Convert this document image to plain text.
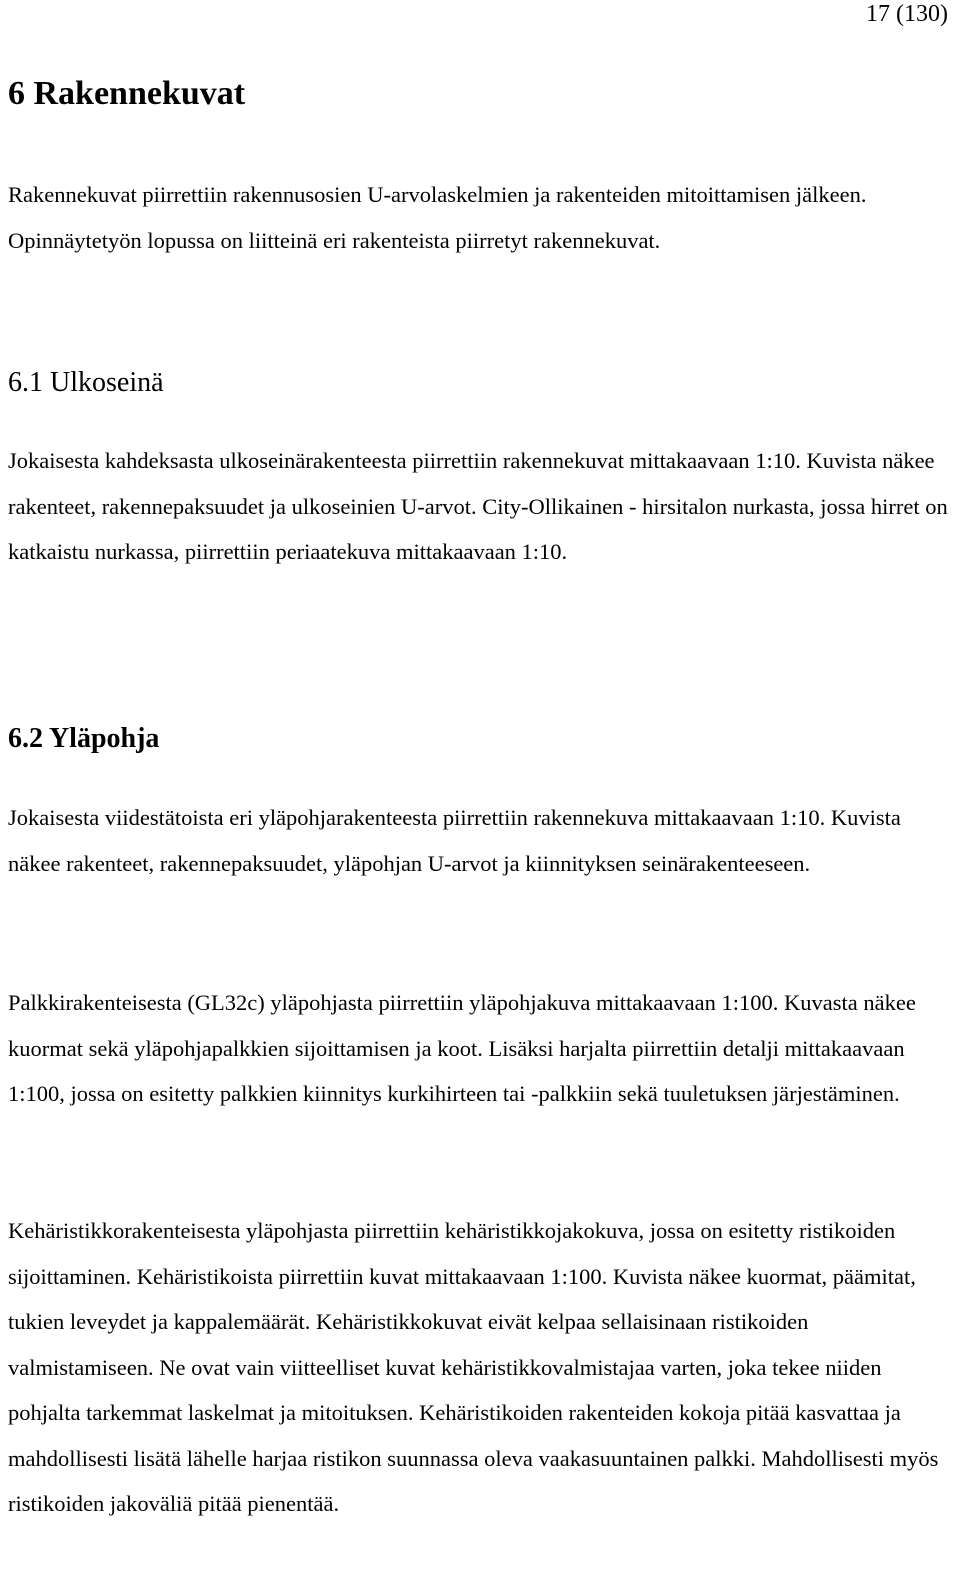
17 (130)
6 Rakennekuvat

Rakennekuvat piirrettiin rakennusosien U-arvolaskelmien ja rakenteiden mitoittamisen jälkeen. Opinnäytetyön lopussa on liitteinä eri rakenteista piirretyt rakennekuvat.

6.1 Ulkoseinä

Jokaisesta kahdeksasta ulkoseinärakenteesta piirrettiin rakennekuvat mittakaavaan 1:10. Kuvista näkee rakenteet, rakennepaksuudet ja ulkoseinien U-arvot. City-Ollikainen - hirsitalon nurkasta, jossa hirret on katkaistu nurkassa, piirrettiin periaatekuva mittakaavaan 1:10.

6.2 Yläpohja

Jokaisesta viidestätoista eri yläpohjarakenteesta piirrettiin rakennekuva mittakaavaan 1:10. Kuvista näkee rakenteet, rakennepaksuudet, yläpohjan U-arvot ja kiinnityksen seinärakenteeseen.

Palkkirakenteisesta (GL32c) yläpohjasta piirrettiin yläpohjakuva mittakaavaan 1:100. Kuvasta näkee kuormat sekä yläpohjapalkkien sijoittamisen ja koot. Lisäksi harjalta piirrettiin detalji mittakaavaan 1:100, jossa on esitetty palkkien kiinnitys kurkihirteen tai -palkkiin sekä tuuletuksen järjestäminen.

Kehäristikkorakenteisesta yläpohjasta piirrettiin kehäristikkojakokuva, jossa on esitetty ristikoiden sijoittaminen. Kehäristikoista piirrettiin kuvat mittakaavaan 1:100. Kuvista näkee kuormat, päämitat, tukien leveydet ja kappalemäärät. Kehäristikkokuvat eivät kelpaa sellaisinaan ristikoiden valmistamiseen. Ne ovat vain viitteelliset kuvat kehäristikkovalmistajaa varten, joka tekee niiden pohjalta tarkemmat laskelmat ja mitoituksen. Kehäristikoiden rakenteiden kokoja pitää kasvattaa ja mahdollisesti lisätä lähelle harjaa ristikon suunnassa oleva vaakasuuntainen palkki. Mahdollisesti myös ristikoiden jakoväliä pitää pienentää.
